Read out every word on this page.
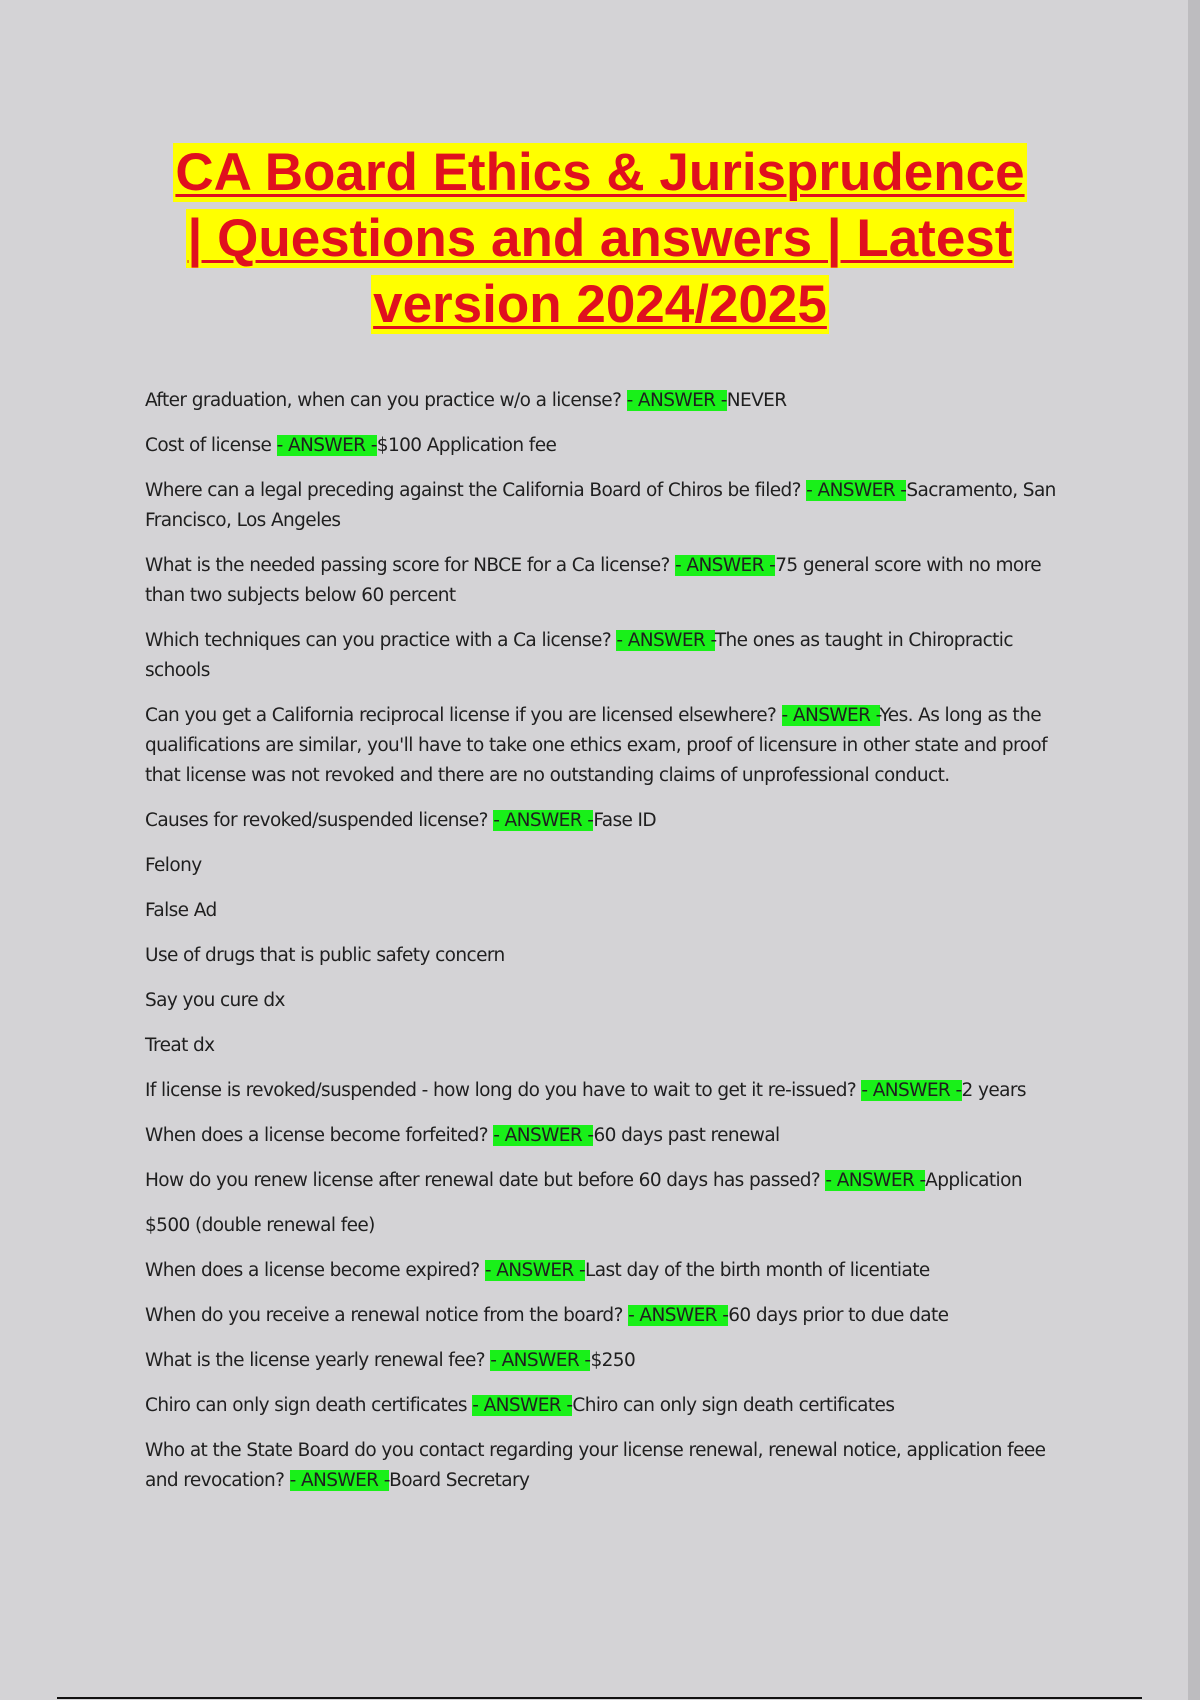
CA Board Ethics & Jurisprudence
| Questions and answers | Latest
version 2024/2025
After graduation, when can you practice w/o a license? - ANSWER -NEVER
Cost of license - ANSWER -$100 Application fee
Where can a legal preceding against the California Board of Chiros be filed? - ANSWER -Sacramento, San Francisco, Los Angeles
What is the needed passing score for NBCE for a Ca license? - ANSWER -75 general score with no more than two subjects below 60 percent
Which techniques can you practice with a Ca license? - ANSWER -The ones as taught in Chiropractic schools
Can you get a California reciprocal license if you are licensed elsewhere? - ANSWER -Yes. As long as the qualifications are similar, you'll have to take one ethics exam, proof of licensure in other state and proof that license was not revoked and there are no outstanding claims of unprofessional conduct.
Causes for revoked/suspended license? - ANSWER -Fase ID
Felony
False Ad
Use of drugs that is public safety concern
Say you cure dx
Treat dx
If license is revoked/suspended - how long do you have to wait to get it re-issued? - ANSWER -2 years
When does a license become forfeited? - ANSWER -60 days past renewal
How do you renew license after renewal date but before 60 days has passed? - ANSWER -Application
$500 (double renewal fee)
When does a license become expired? - ANSWER -Last day of the birth month of licentiate
When do you receive a renewal notice from the board? - ANSWER -60 days prior to due date
What is the license yearly renewal fee? - ANSWER -$250
Chiro can only sign death certificates - ANSWER -Chiro can only sign death certificates
Who at the State Board do you contact regarding your license renewal, renewal notice, application feee and revocation? - ANSWER -Board Secretary
